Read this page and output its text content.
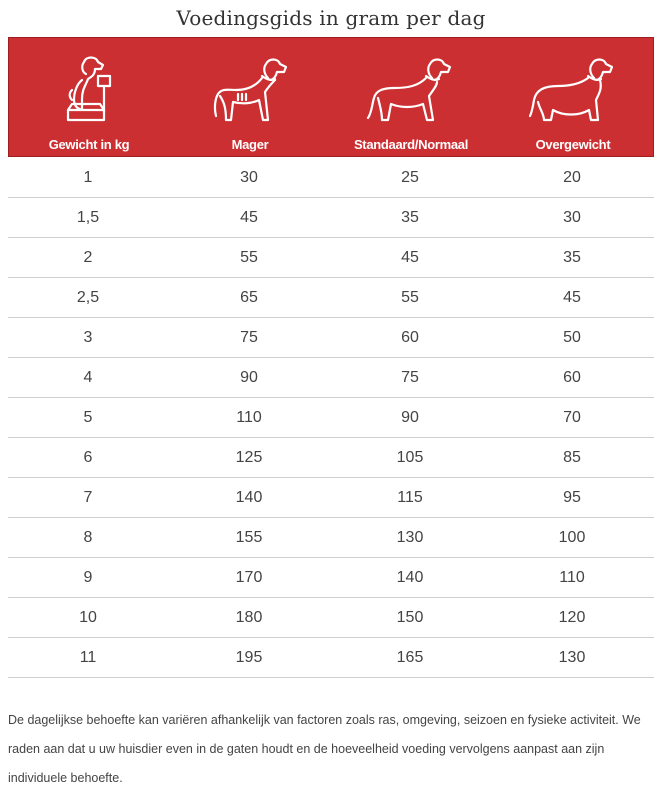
Voedingsgids in gram per dag
Gewicht in kg	Mager	Standaard/Normaal	Overgewicht
1	30	25	20
1,5	45	35	30
2	55	45	35
2,5	65	55	45
3	75	60	50
4	90	75	60
5	110	90	70
6	125	105	85
7	140	115	95
8	155	130	100
9	170	140	110
10	180	150	120
11	195	165	130
De dagelijkse behoefte kan variëren afhankelijk van factoren zoals ras, omgeving, seizoen en fysieke activiteit. We raden aan dat u uw huisdier even in de gaten houdt en de hoeveelheid voeding vervolgens aanpast aan zijn individuele behoefte.
